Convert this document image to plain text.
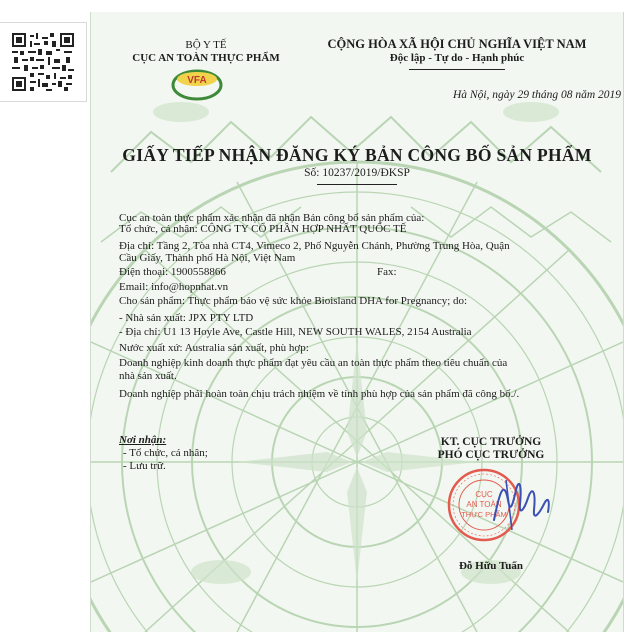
BỘ Y TẾ
CỤC AN TOÀN THỰC PHẨM
VFA
CỘNG HÒA XÃ HỘI CHỦ NGHĨA VIỆT NAM
Độc lập - Tự do - Hạnh phúc
Hà Nội, ngày 29 tháng 08 năm 2019
GIẤY TIẾP NHẬN ĐĂNG KÝ BẢN CÔNG BỐ SẢN PHẨM
Số: 10237/2019/ĐKSP
Cục an toàn thực phẩm xác nhận đã nhận Bản công bố sản phẩm của:
Tổ chức, cá nhân: CÔNG TY CỔ PHẦN HỢP NHẤT QUỐC TẾ
Địa chỉ: Tầng 2, Tòa nhà CT4, Vimeco 2, Phố Nguyễn Chánh, Phường Trung Hòa, Quận
Cầu Giấy, Thành phố Hà Nội, Việt Nam
Điện thoại: 1900558866	Fax:
Email: info@hopnhat.vn
Cho sản phẩm: Thực phẩm bảo vệ sức khỏe Bioisland DHA for Pregnancy; do:
- Nhà sản xuất: JPX PTY LTD
- Địa chỉ: U1 13 Hoyle Ave, Castle Hill, NEW SOUTH WALES, 2154 Australia
Nước xuất xứ: Australia sản xuất, phù hợp:
Doanh nghiệp kinh doanh thực phẩm đạt yêu cầu an toàn thực phẩm theo tiêu chuẩn của
nhà sản xuất.
Doanh nghiệp phải hoàn toàn chịu trách nhiệm về tính phù hợp của sản phẩm đã công bố./.
Nơi nhận:
- Tổ chức, cá nhân;
- Lưu trữ.
KT. CỤC TRƯỞNG
PHÓ CỤC TRƯỞNG
CỤC
AN TOÀN
THỰC PHẨM
Đỗ Hữu Tuấn
